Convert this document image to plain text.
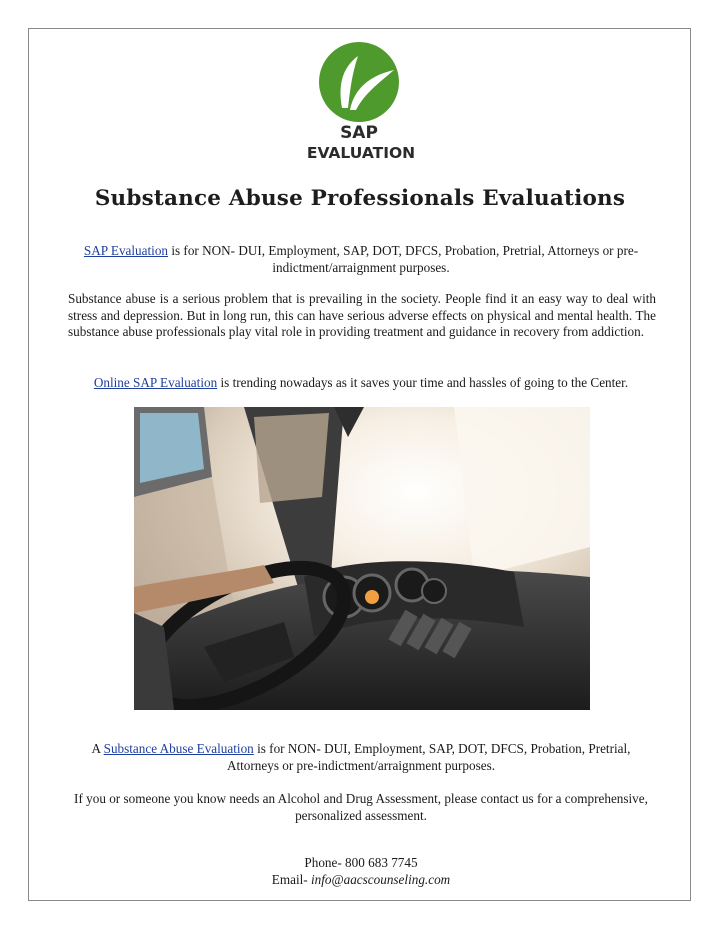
SAP
EVALUATION
Substance Abuse Professionals Evaluations
SAP Evaluation is for NON- DUI, Employment, SAP, DOT, DFCS, Probation, Pretrial, Attorneys or pre-indictment/arraignment purposes.
Substance abuse is a serious problem that is prevailing in the society. People find it an easy way to deal with stress and depression. But in long run, this can have serious adverse effects on physical and mental health. The substance abuse professionals play vital role in providing treatment and guidance in recovery from addiction.
Online SAP Evaluation is trending nowadays as it saves your time and hassles of going to the Center.
A Substance Abuse Evaluation is for NON- DUI, Employment, SAP, DOT, DFCS, Probation, Pretrial, Attorneys or pre-indictment/arraignment purposes.
If you or someone you know needs an Alcohol and Drug Assessment, please contact us for a comprehensive, personalized assessment.
Phone- 800 683 7745
Email- info@aacscounseling.com
